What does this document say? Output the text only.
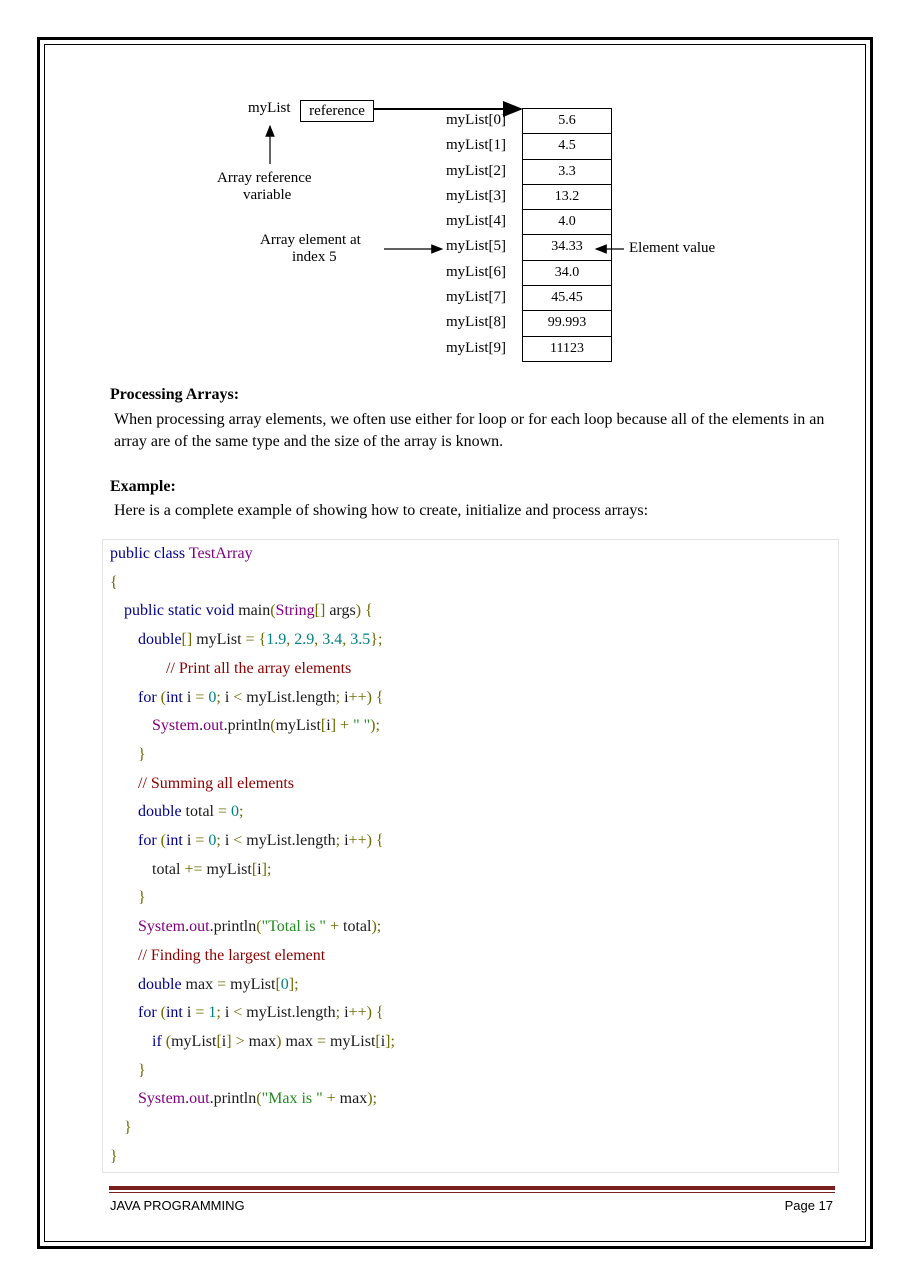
myList	reference
Array reference
variable
Array element at
index 5
Element value
myList[0]
myList[1]
myList[2]
myList[3]
myList[4]
myList[5]
myList[6]
myList[7]
myList[8]
myList[9]
5.6
4.5
3.3
13.2
4.0
34.33
34.0
45.45
99.993
11123
Processing Arrays:
When processing array elements, we often use either for loop or for each loop because all of the elements in an array are of the same type and the size of the array is known.
Example:
Here is a complete example of showing how to create, initialize and process arrays:
public class TestArray
{
public static void main(String[] args) {
double[] myList = {1.9, 2.9, 3.4, 3.5};
// Print all the array elements
for (int i = 0; i < myList.length; i++) {
System.out.println(myList[i] + " ");
}
// Summing all elements
double total = 0;
for (int i = 0; i < myList.length; i++) {
total += myList[i];
}
System.out.println("Total is " + total);
// Finding the largest element
double max = myList[0];
for (int i = 1; i < myList.length; i++) {
if (myList[i] > max) max = myList[i];
}
System.out.println("Max is " + max);
}
}
JAVA PROGRAMMING	Page 17
